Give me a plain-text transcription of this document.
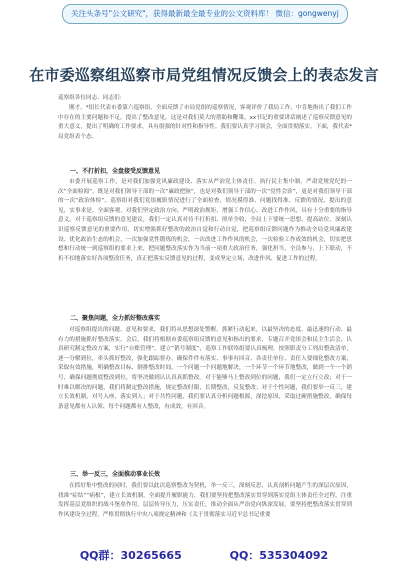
关注头条号"公文研究"，获得最新最全最专业的公文资料库！ 微信：gongwenyj
在市委巡察组巡察市局党组情况反馈会上的表态发言
巡察组各位同志、同志们：

刚才，*组长代表市委第六巡察组，全面反馈了市局党组的巡察情况，客观评价了我局工作，中肯地指出了我们工作中存在的主要问题和不足，提出了整改意见，这是对我们莫大的帮助和鞭策。xx书记的重要讲话阐述了巡察反馈意见的重大意义，提出了明确的工作要求，具有很强的针对性和指导性。我们要认真学习领会，全面贯彻落实。下面，我代表*局党组表个态。

一、不打折扣，全盘接受反馈意见

市委开展巡察工作，是对我们加强党风廉政建设、落实从严治党主体责任、执行民主集中制、严肃党规党纪的一次“全面检阅”，既是对我们领导干部的一次“廉政把脉”，也是对我们领导干部的一次“党性会诊”，更是对我们领导干部的一次“政治体检”。巡察组对我们党组履职情况进行了全面检查，情况摸得准、问题找得准、反馈的情况、提出的意见，实事求是、全面客观，对我们坚定政治方向、严明政治规矩、增强工作信心、改进工作作风，具有十分重要的指导意义。对于巡察组反馈的意见建议，我们一定认真对待不打折扣、照单全收，全局上下要统一思想、提高站位，深刻认识巡察反馈意见的重要作用，切实增强抓好整改的政治自觉和行动自觉，把巡察组反馈问题作为推动全局党风廉政建设、优化政治生态的机会，一次加强党性锻炼的机会，一次改进工作作风的机会，一次检验工作成效的机会，切实把思想和行动统一到巡察组的要求上来，把问题整改落实作为当前一项重大政治任务，强化担当，全员参与，上下联动，不折不扣地落实好各项整改任务，真正把落实反馈意见的过程，变成坚定立场、改进作风、促进工作的过程。

二、聚焦问题，全力抓好整改落实

对巡察组提出的问题、意见和要求，我们将从思想深处警醒，抓紧行动起来，以最坚决的态度、最迅速的行动、最有力的措施抓好整改落实。会后，我们将根据市委巡察组反馈的意见和指出的要求，专题召开党组会和民主生活会，认真研究制定整改方案，实行“台账管理”，建立“销号制度”，巡察工作联络组要认真梳理，按照职责分工列出整改清单，逐一分解到位，牵头抓好整改，强化跟踪督办，确保件件有落实、事事有回音、各责任单位、责任人要细化整改方案，采取有效措施，明确整改目标、倒排整改时间，一个问题一个问题地解决，一个环节一个环节地整改，做到一个一个销号，确保问题彻底整改到位，将坚决做到认认真真抓整改。对于能够马上整改到位的问题，我们一定立行立改；对于一时难以解决的问题，我们将制定整改措施，规定整改时限，长期整改，反复整改；对于个性问题，我们要举一反三，建立长效机制，对号入座，落实到人；对于共性问题，我们要认真分析问题根源，深挖原因，采取过硬措施整改，确保每条意见都有人认领、每个问题都有人整改，有成效，有回音。

三、举一反三，全面推动事业长效

在抓好集中整改的同时，我们要以此次巡察整改为契机，举一反三，深刻反思，认真剖析问题产生的深层次原因，找准“症结”“病根”，建立长效机制，全面提升履职能力，我们要坚持把整改落实贯穿到落实党组主体责任全过程，注重发挥基层党组织的战斗堡垒作用，层层传导压力，压实责任，推动全面从严治党向纵深发展，要坚持把整改落实贯穿到作风建设全过程，严格贯彻执行中央八项规定精神和《关于贯彻落实习近平总书记重要

QQ群：30265665	QQ：535304092
